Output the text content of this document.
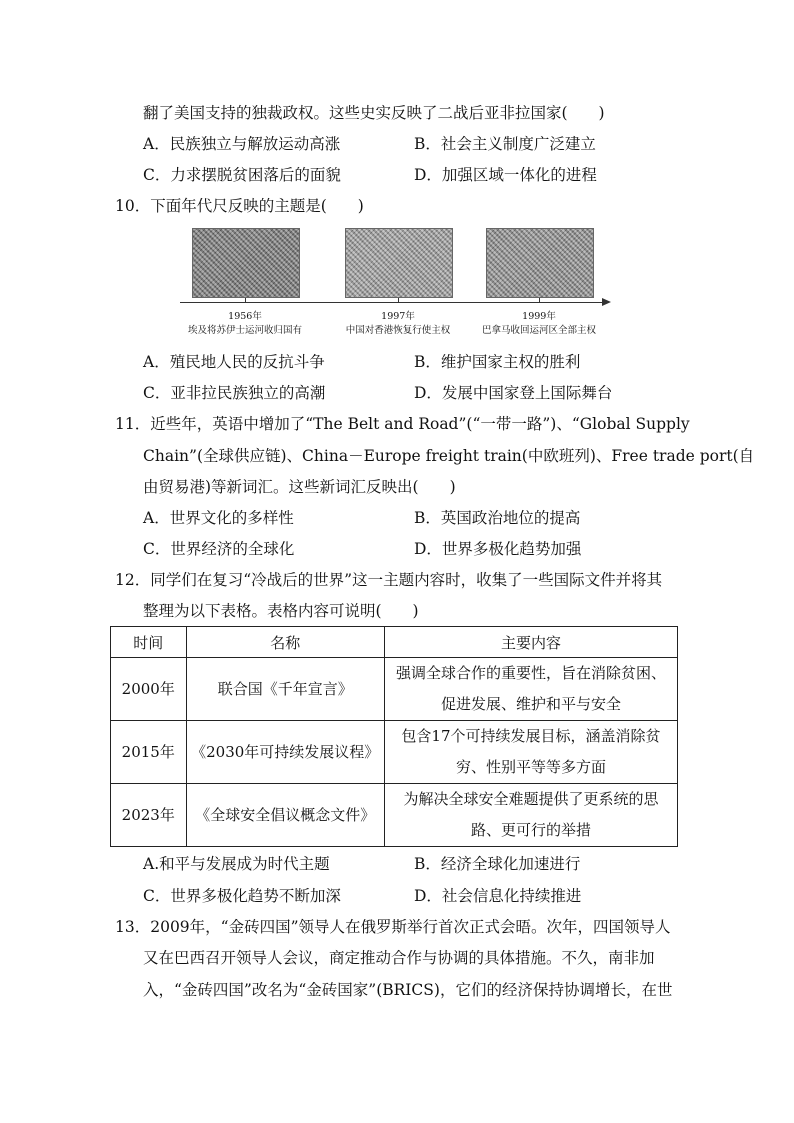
翻了美国支持的独裁政权。这些史实反映了二战后亚非拉国家(　　)
A．民族独立与解放运动高涨	B．社会主义制度广泛建立
C．力求摆脱贫困落后的面貌	D．加强区域一体化的进程
10．下面年代尺反映的主题是(　　)
1956年	1997年	1999年
埃及将苏伊士运河收归国有	中国对香港恢复行使主权	巴拿马收回运河区全部主权
A．殖民地人民的反抗斗争	B．维护国家主权的胜利
C．亚非拉民族独立的高潮	D．发展中国家登上国际舞台
11．近些年，英语中增加了“The Belt and Road”(“一带一路”)、“Global Supply
Chain”(全球供应链)、China－Europe freight train(中欧班列)、Free trade port(自
由贸易港)等新词汇。这些新词汇反映出(　　)
A．世界文化的多样性	B．英国政治地位的提高
C．世界经济的全球化	D．世界多极化趋势加强
12．同学们在复习“冷战后的世界”这一主题内容时，收集了一些国际文件并将其
整理为以下表格。表格内容可说明(　　)
时间	名称	主要内容
2000年	联合国《千年宣言》	强调全球合作的重要性，旨在消除贫困、
促进发展、维护和平与安全
2015年	《2030年可持续发展议程》	包含17个可持续发展目标，涵盖消除贫
穷、性别平等等多方面
2023年	《全球安全倡议概念文件》	为解决全球安全难题提供了更系统的思
路、更可行的举措
A.和平与发展成为时代主题	B．经济全球化加速进行
C．世界多极化趋势不断加深	D．社会信息化持续推进
13．2009年，“金砖四国”领导人在俄罗斯举行首次正式会晤。次年，四国领导人
又在巴西召开领导人会议，商定推动合作与协调的具体措施。不久，南非加
入，“金砖四国”改名为“金砖国家”(BRICS)，它们的经济保持协调增长，在世
